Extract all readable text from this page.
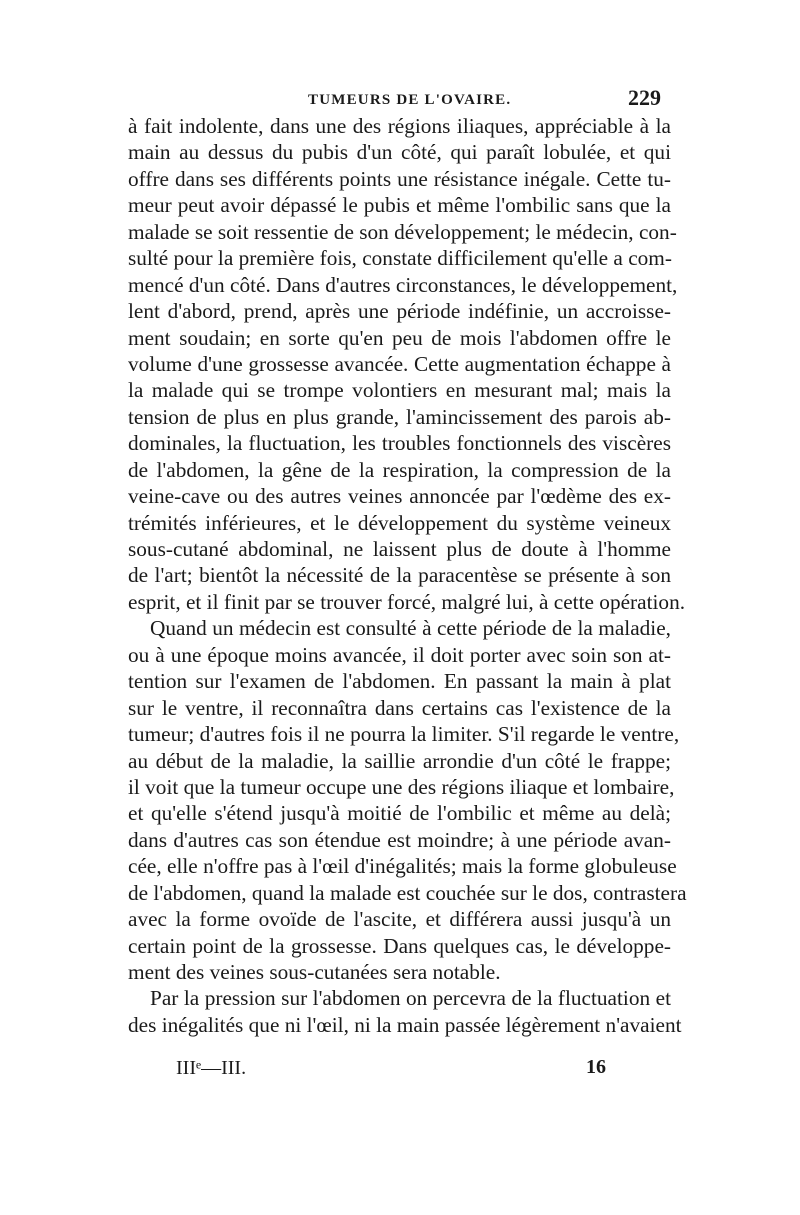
TUMEURS DE L'OVAIRE.	229
à fait indolente, dans une des régions iliaques, appréciable à la
main au dessus du pubis d'un côté, qui paraît lobulée, et qui
offre dans ses différents points une résistance inégale. Cette tu-
meur peut avoir dépassé le pubis et même l'ombilic sans que la
malade se soit ressentie de son développement; le médecin, con-
sulté pour la première fois, constate difficilement qu'elle a com-
mencé d'un côté. Dans d'autres circonstances, le développement,
lent d'abord, prend, après une période indéfinie, un accroisse-
ment soudain; en sorte qu'en peu de mois l'abdomen offre le
volume d'une grossesse avancée. Cette augmentation échappe à
la malade qui se trompe volontiers en mesurant mal; mais la
tension de plus en plus grande, l'amincissement des parois ab-
dominales, la fluctuation, les troubles fonctionnels des viscères
de l'abdomen, la gêne de la respiration, la compression de la
veine-cave ou des autres veines annoncée par l'œdème des ex-
trémités inférieures, et le développement du système veineux
sous-cutané abdominal, ne laissent plus de doute à l'homme
de l'art; bientôt la nécessité de la paracentèse se présente à son
esprit, et il finit par se trouver forcé, malgré lui, à cette opération.
Quand un médecin est consulté à cette période de la maladie,
ou à une époque moins avancée, il doit porter avec soin son at-
tention sur l'examen de l'abdomen. En passant la main à plat
sur le ventre, il reconnaîtra dans certains cas l'existence de la
tumeur; d'autres fois il ne pourra la limiter. S'il regarde le ventre,
au début de la maladie, la saillie arrondie d'un côté le frappe;
il voit que la tumeur occupe une des régions iliaque et lombaire,
et qu'elle s'étend jusqu'à moitié de l'ombilic et même au delà;
dans d'autres cas son étendue est moindre; à une période avan-
cée, elle n'offre pas à l'œil d'inégalités; mais la forme globuleuse
de l'abdomen, quand la malade est couchée sur le dos, contrastera
avec la forme ovoïde de l'ascite, et différera aussi jusqu'à un
certain point de la grossesse. Dans quelques cas, le développe-
ment des veines sous-cutanées sera notable.
Par la pression sur l'abdomen on percevra de la fluctuation et
des inégalités que ni l'œil, ni la main passée légèrement n'avaient
IIIᵉ—III.	16
